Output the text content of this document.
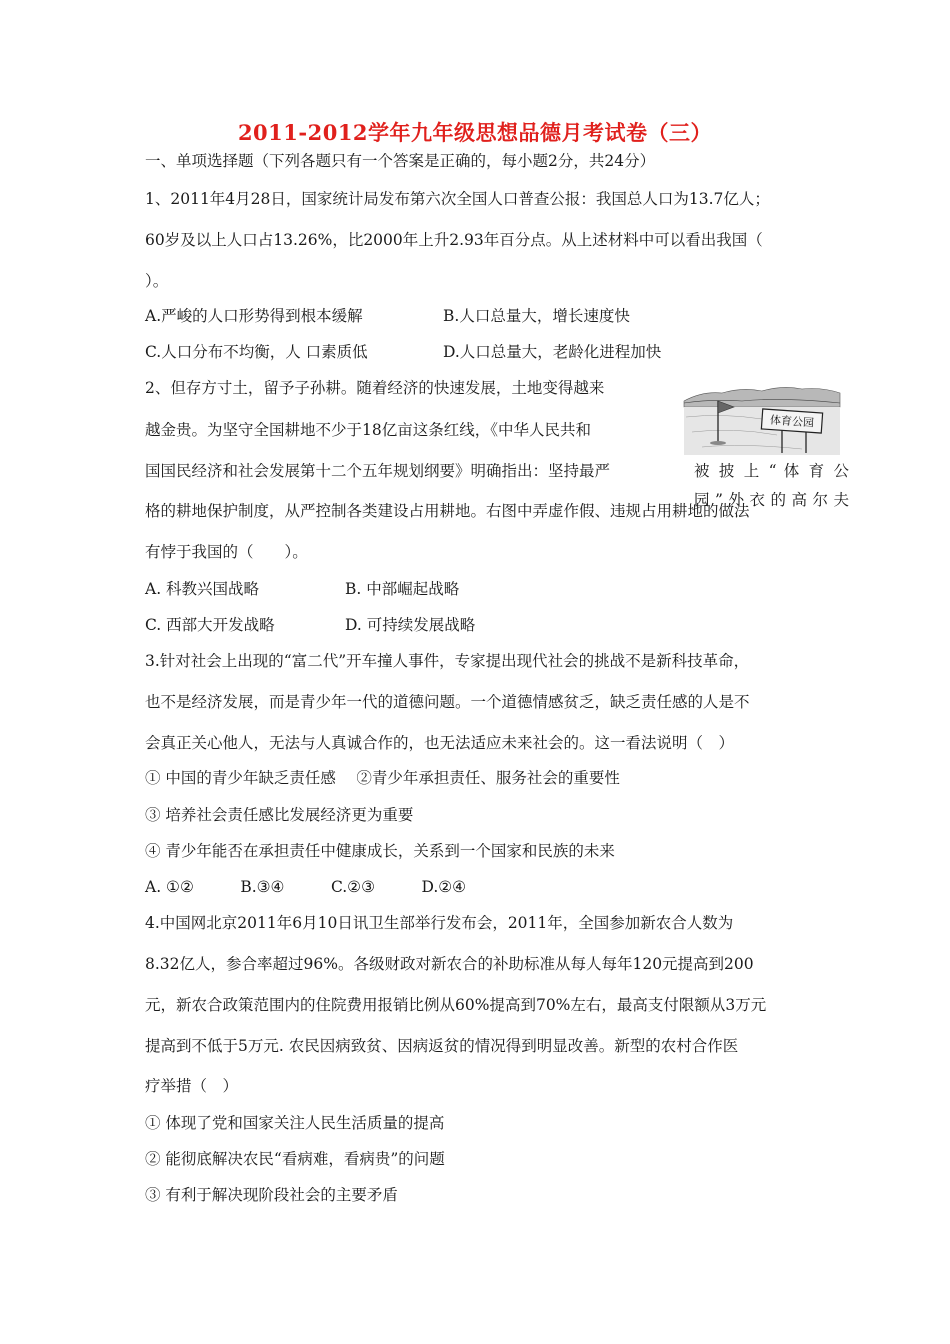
2011-2012学年九年级思想品德月考试卷（三）
一、单项选择题（下列各题只有一个答案是正确的，每小题2分，共24分）
1、2011年4月28日，国家统计局发布第六次全国人口普查公报：我国总人口为13.7亿人；
60岁及以上人口占13.26%，比2000年上升2.93年百分点。从上述材料中可以看出我国（
）。
A.严峻的人口形势得到根本缓解	B.人口总量大，增长速度快
C.人口分布不均衡，人 口素质低	D.人口总量大，老龄化进程加快
2、但存方寸土，留予子孙耕。随着经济的快速发展，土地变得越来
越金贵。为坚守全国耕地不少于18亿亩这条红线，《中华人民共和
国国民经济和社会发展第十二个五年规划纲要》明确指出：坚持最严
格的耕地保护制度，从严控制各类建设占用耕地。右图中弄虚作假、违规占用耕地的做法
有悖于我国的（　　）。
体育公园
被 披 上 “ 体 育 公
园”外衣的高尔夫
A. 科教兴国战略	B. 中部崛起战略
C. 西部大开发战略	D. 可持续发展战略
3.针对社会上出现的“富二代”开车撞人事件，专家提出现代社会的挑战不是新科技革命，
也不是经济发展，而是青少年一代的道德问题。一个道德情感贫乏，缺乏责任感的人是不
会真正关心他人，无法与人真诚合作的，也无法适应未来社会的。这一看法说明（　）
① 中国的青少年缺乏责任感　 ②青少年承担责任、服务社会的重要性
③ 培养社会责任感比发展经济更为重要
④ 青少年能否在承担责任中健康成长，关系到一个国家和民族的未来
A. ①②　　　B.③④　　　C.②③　　　D.②④
4.中国网北京2011年6月10日讯卫生部举行发布会，2011年，全国参加新农合人数为
8.32亿人，参合率超过96%。各级财政对新农合的补助标准从每人每年120元提高到200
元，新农合政策范围内的住院费用报销比例从60%提高到70%左右，最高支付限额从3万元
提高到不低于5万元. 农民因病致贫、因病返贫的情况得到明显改善。新型的农村合作医
疗举措（　）
① 体现了党和国家关注人民生活质量的提高
② 能彻底解决农民“看病难，看病贵”的问题
③ 有利于解决现阶段社会的主要矛盾
